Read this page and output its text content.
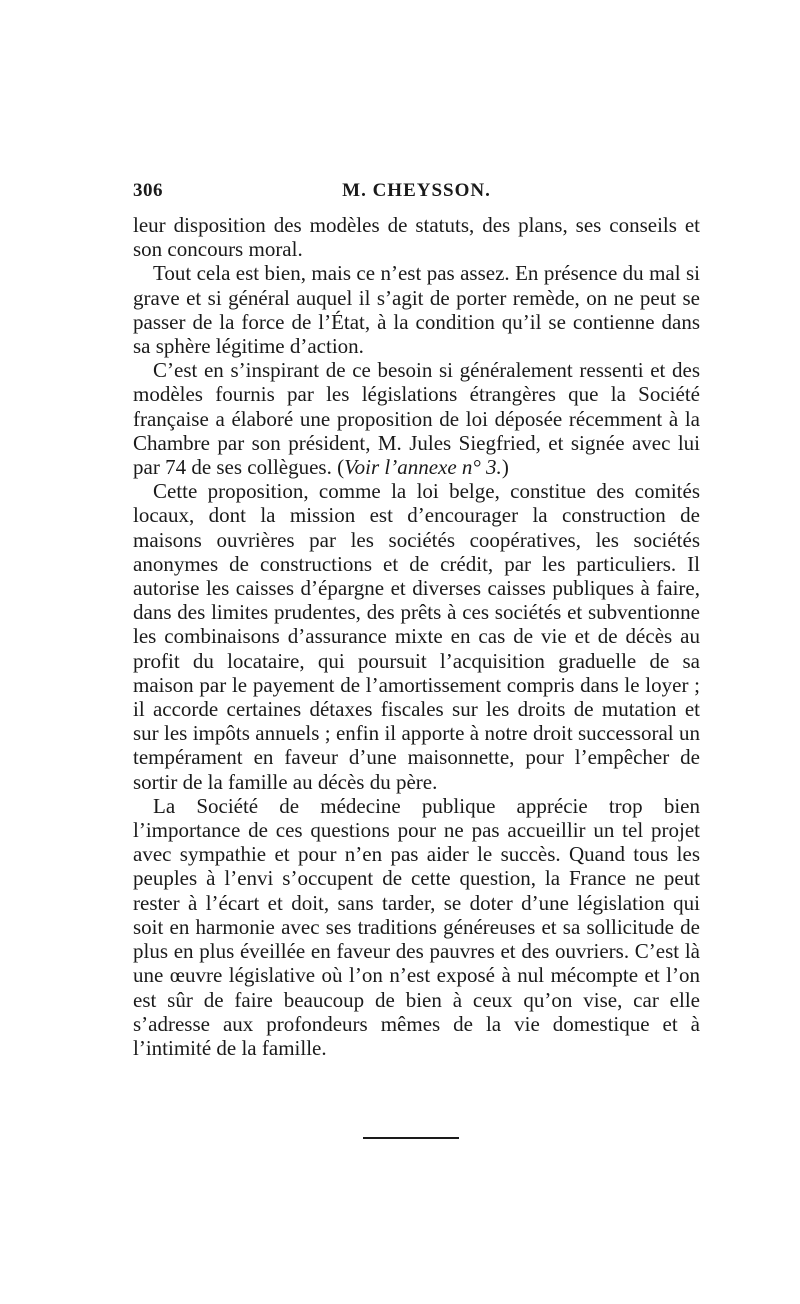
306	M. CHEYSSON.

leur disposition des modèles de statuts, des plans, ses conseils et son concours moral.

Tout cela est bien, mais ce n’est pas assez. En présence du mal si grave et si général auquel il s’agit de porter remède, on ne peut se passer de la force de l’État, à la condition qu’il se contienne dans sa sphère légitime d’action.

C’est en s’inspirant de ce besoin si généralement ressenti et des modèles fournis par les législations étrangères que la Société française a élaboré une proposition de loi déposée récemment à la Chambre par son président, M. Jules Siegfried, et signée avec lui par 74 de ses collègues. (Voir l’annexe n° 3.)

Cette proposition, comme la loi belge, constitue des comités locaux, dont la mission est d’encourager la construction de maisons ouvrières par les sociétés coopératives, les sociétés anonymes de constructions et de crédit, par les particuliers. Il autorise les caisses d’épargne et diverses caisses publiques à faire, dans des limites prudentes, des prêts à ces sociétés et subventionne les combinaisons d’assurance mixte en cas de vie et de décès au profit du locataire, qui poursuit l’acquisition graduelle de sa maison par le payement de l’amortissement compris dans le loyer ; il accorde certaines détaxes fiscales sur les droits de mutation et sur les impôts annuels ; enfin il apporte à notre droit successoral un tempérament en faveur d’une maisonnette, pour l’empêcher de sortir de la famille au décès du père.

La Société de médecine publique apprécie trop bien l’importance de ces questions pour ne pas accueillir un tel projet avec sympathie et pour n’en pas aider le succès. Quand tous les peuples à l’envi s’occupent de cette question, la France ne peut rester à l’écart et doit, sans tarder, se doter d’une législation qui soit en harmonie avec ses traditions généreuses et sa sollicitude de plus en plus éveillée en faveur des pauvres et des ouvriers. C’est là une œuvre législative où l’on n’est exposé à nul mécompte et l’on est sûr de faire beaucoup de bien à ceux qu’on vise, car elle s’adresse aux profondeurs mêmes de la vie domestique et à l’intimité de la famille.
